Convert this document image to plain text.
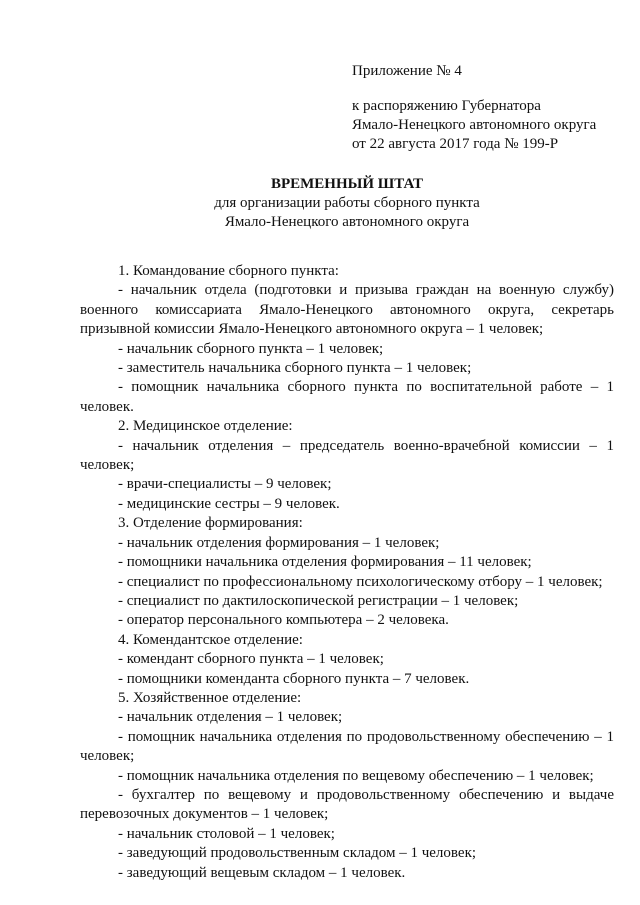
Приложение № 4
к распоряжению Губернатора
Ямало-Ненецкого автономного округа
от 22 августа 2017 года № 199-Р
ВРЕМЕННЫЙ ШТАТ
для организации работы сборного пункта
Ямало-Ненецкого автономного округа

1. Командование сборного пункта:

- начальник отдела (подготовки и призыва граждан на военную службу) военного комиссариата Ямало-Ненецкого автономного округа, секретарь призывной комиссии Ямало-Ненецкого автономного округа – 1 человек;

- начальник сборного пункта – 1 человек;

- заместитель начальника сборного пункта – 1 человек;

- помощник начальника сборного пункта по воспитательной работе – 1 человек.

2. Медицинское отделение:

- начальник отделения – председатель военно-врачебной комиссии – 1 человек;

- врачи-специалисты – 9 человек;

- медицинские сестры – 9 человек.

3. Отделение формирования:

- начальник отделения формирования – 1 человек;

- помощники начальника отделения формирования – 11 человек;

- специалист по профессиональному психологическому отбору – 1 человек;

- специалист по дактилоскопической регистрации – 1 человек;

- оператор персонального компьютера – 2 человека.

4. Комендантское отделение:

- комендант сборного пункта – 1 человек;

- помощники коменданта сборного пункта – 7 человек.

5. Хозяйственное отделение:

- начальник отделения – 1 человек;

- помощник начальника отделения по продовольственному обеспечению – 1 человек;

- помощник начальника отделения по вещевому обеспечению – 1 человек;

- бухгалтер по вещевому и продовольственному обеспечению и выдаче перевозочных документов – 1 человек;

- начальник столовой – 1 человек;

- заведующий продовольственным складом – 1 человек;

- заведующий вещевым складом – 1 человек.
